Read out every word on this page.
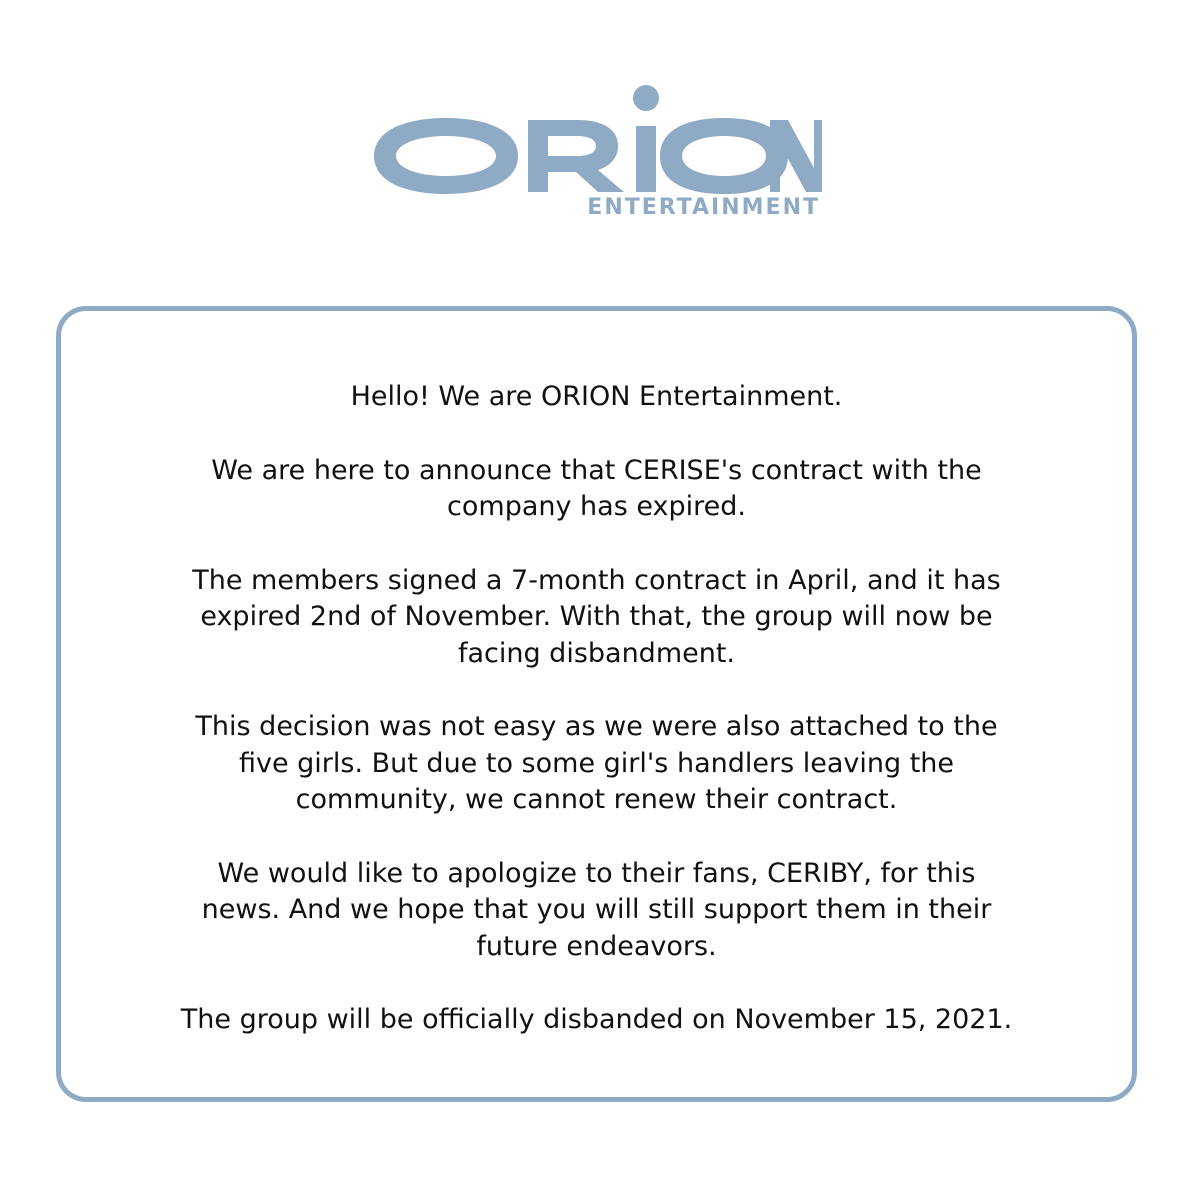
ENTERTAINMENT

Hello! We are ORION Entertainment.

We are here to announce that CERISE's contract with the
company has expired.

The members signed a 7-month contract in April, and it has
expired 2nd of November. With that, the group will now be
facing disbandment.

This decision was not easy as we were also attached to the
five girls. But due to some girl's handlers leaving the
community, we cannot renew their contract.

We would like to apologize to their fans, CERIBY, for this
news. And we hope that you will still support them in their
future endeavors.

The group will be officially disbanded on November 15, 2021.
